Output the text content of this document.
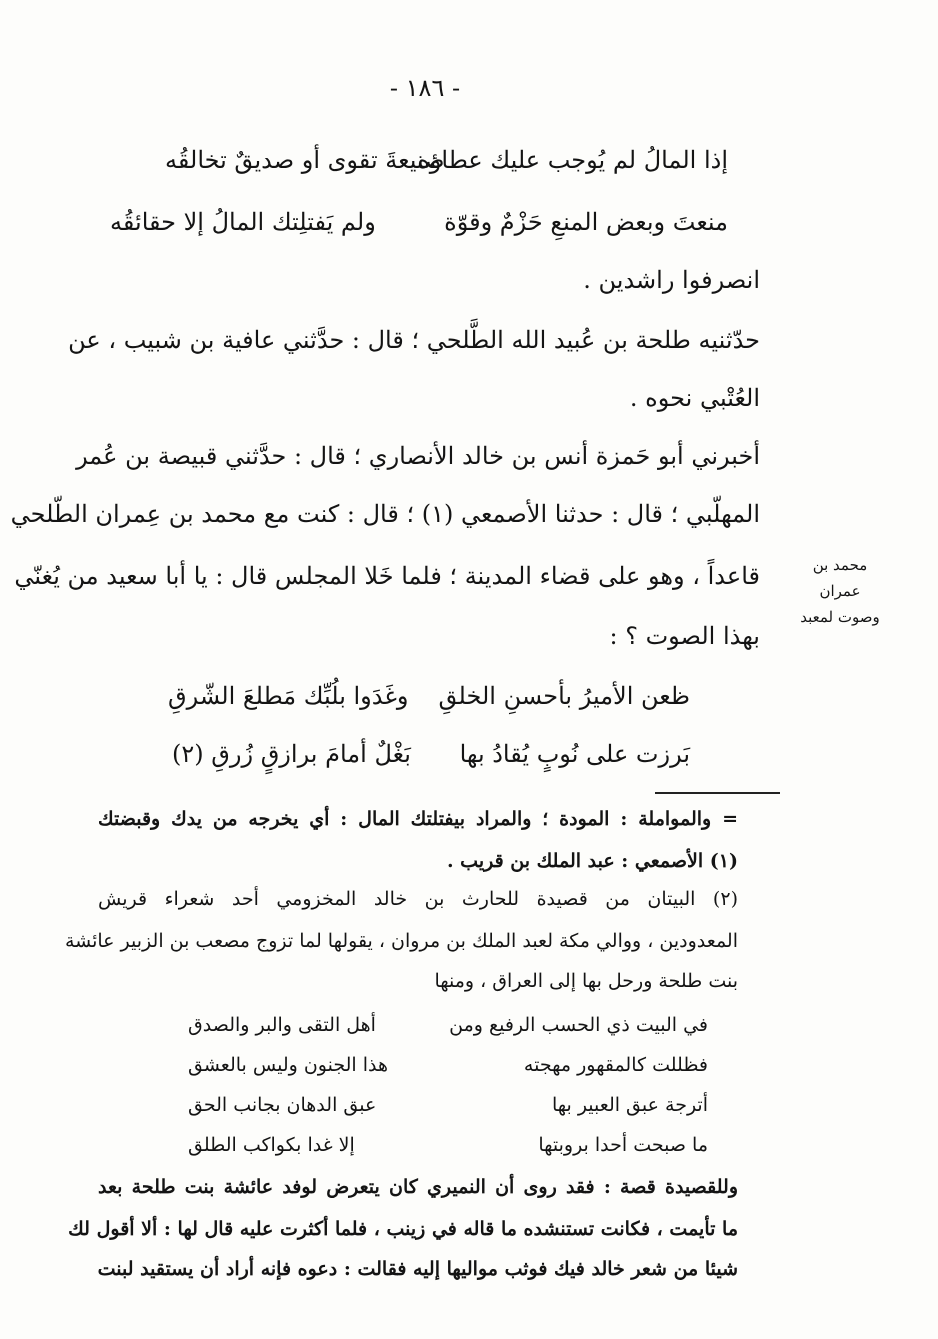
- ١٨٦ -
إذا المالُ لم يُوجب عليك عطاؤه
صنيعةَ تقوى أو صديقٌ تخالقُه
منعتَ وبعض المنعِ حَزْمٌ وقوّة
ولم يَفتلِتك المالُ إلا حقائقُه
انصرفوا راشدين .
حدّثنيه طلحة بن عُبيد الله الطَّلحي ؛ قال : حدَّثني عافية بن شبيب ، عن
العُتْبي نحوه .
أخبرني أبو حَمزة أنس بن خالد الأنصاري ؛ قال : حدَّثني قبيصة بن عُمر
المهلّبي ؛ قال : حدثنا الأصمعي (١) ؛ قال : كنت مع محمد بن عِمران الطّلحي
قاعداً ، وهو على قضاء المدينة ؛ فلما خَلا المجلس قال : يا أبا سعيد من يُغنّي
بهذا الصوت ؟ :
محمد بن عمران
وصوت لمعبد
ظعن الأميرُ بأحسنِ الخلقِ
وغَدَوا بلُبِّك مَطلعَ الشّرقِ
بَرزت على نُوبٍ يُقادُ بها
بَغْلٌ أمامَ برازقٍ زُرقِ (٢)
= والمواملة : المودة ؛ والمراد بيفتلتك المال : أي يخرجه من يدك وقبضتك
(١) الأصمعي : عبد الملك بن قريب .
(٢) البيتان من قصيدة للحارث بن خالد المخزومي أحد شعراء قريش
المعدودين ، ووالي مكة لعبد الملك بن مروان ، يقولها لما تزوج مصعب بن الزبير عائشة
بنت طلحة ورحل بها إلى العراق ، ومنها
في البيت ذي الحسب الرفيع ومن
أهل التقى والبر والصدق
فظللت كالمقهور مهجته
هذا الجنون وليس بالعشق
أترجة عبق العبير بها
عبق الدهان بجانب الحق
ما صبحت أحدا بروبتها
إلا غدا بكواكب الطلق
وللقصيدة قصة : فقد روى أن النميري كان يتعرض لوفد عائشة بنت طلحة بعد
ما تأيمت ، فكانت تستنشده ما قاله في زينب ، فلما أكثرت عليه قال لها : ألا أقول لك
شيئا من شعر خالد فيك فوثب مواليها إليه فقالت : دعوه فإنه أراد أن يستقيد لبنت
